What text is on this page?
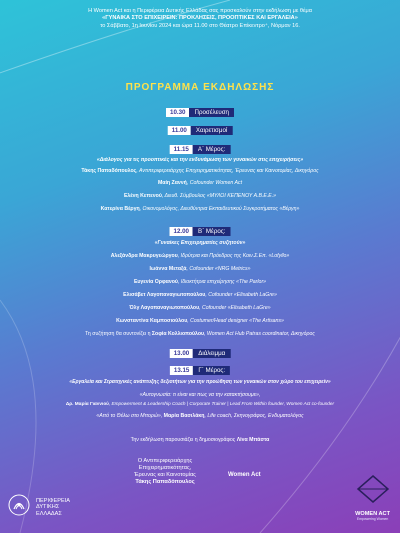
Η Women Act και η Περιφέρεια Δυτικής Ελλάδας σας προσκαλούν στην εκδήλωση με θέμα
«ΓΥΝΑΙΚΑ ΣΤΟ ΕΠΙΧΕΙΡΕΙΝ: ΠΡΟΚΛΗΣΕΙΣ, ΠΡΟΟΠΤΙΚΕΣ ΚΑΙ ΕΡΓΑΛΕΙΑ»
το Σάββατο, 1η Ιουνίου 2024 και ώρα 11.00 στο Θέατρο Επίκεντρο⁺, Νόρμαν 16.
ΠΡΟΓΡΑΜΜΑ ΕΚΔΗΛΩΣΗΣ
10.30	Προσέλευση
11.00	Χαιρετισμοί
11.15	Α΄ Μέρος:
«Διάλογος για τις προοπτικές και την ενδυνάμωση των γυναικών στις επιχειρήσεις»
Τάκης Παπαδόπουλος, Αντιπεριφερειάρχης Επιχειρηματικότητας, Έρευνας και Καινοτομίας, Δικηγόρος
Μαίη Ζαννή, Cofounder Women Act
Ελένη Κεπενού, Διευθ. Σύμβουλος «ΜΥΛΟΙ ΚΕΠΕΝΟΥ Α.Β.Ε.Ε.»
Κατερίνα Βέργη, Οικονομολόγος, Διευθύντρια Εκπαιδευτικού Συγκροτήματος «Βέργη»
12.00	Β΄ Μέρος:
«Γυναίκες Επιχειρηματίες συζητούν»
Αλεξάνδρα Μακρυγεώργου, Ιδρύτρια και Πρόεδρος της Κοιν.Σ.Επ. «Lofyllo»
Ιωάννα Μεταξά, Cofounder «NRG Metrics»
Ευγενία Ορφανού, Ιδιοκτήτρια επιχείρησης «The Parlor»
Ελισάβετ Λαγοπαναγιωτοπούλου, Cofounder «Elisabeth LaGre»
Όλγ Λαγοπαναγιωτοπούλου, Cofounder «Elisabeth LaGre»
Κωνσταντίνα Καμποσιούλου, Costumer/Head designer «The Artisans»
Τη συζήτηση θα συντονίζει η Σοφία Κολλιοπούλου, Women Act Hub Patras coordinator, Δικηγόρος
13.00	Διάλειμμα
13.15	Γ΄ Μέρος:
«Εργαλεία και Στρατηγικές ανάπτυξης δεξιοτήτων για την προώθηση των γυναικών στον χώρο του επιχειρείν»
«Αυτογνωσία: τι είναι και πως να την κατακτήσουμε»,
Δρ. Μαρία Γιαννιού, Empowerment & Leadership Coach | Corporate Trainer | Lead From Within founder, Women Act co-founder
«Από το Θέλω στο Μπορώ», Μαρία Βασιλάκη, Life coach, Σκηνογράφος, Ενδυματολόγος
Την εκδήλωση παρουσιάζει η δημοσιογράφος Λίνα Μπάστα
Ο Αντιπεριφερειάρχης
Επιχειρηματικότητας,
Έρευνας και Καινοτομίας
Τάκης Παπαδόπουλος
Women Act
ΠΕΡΙΦΕΡΕΙΑ
ΔΥΤΙΚΗΣ
ΕΛΛΑΔΑΣ	WOMEN ACT
Empowering Women
